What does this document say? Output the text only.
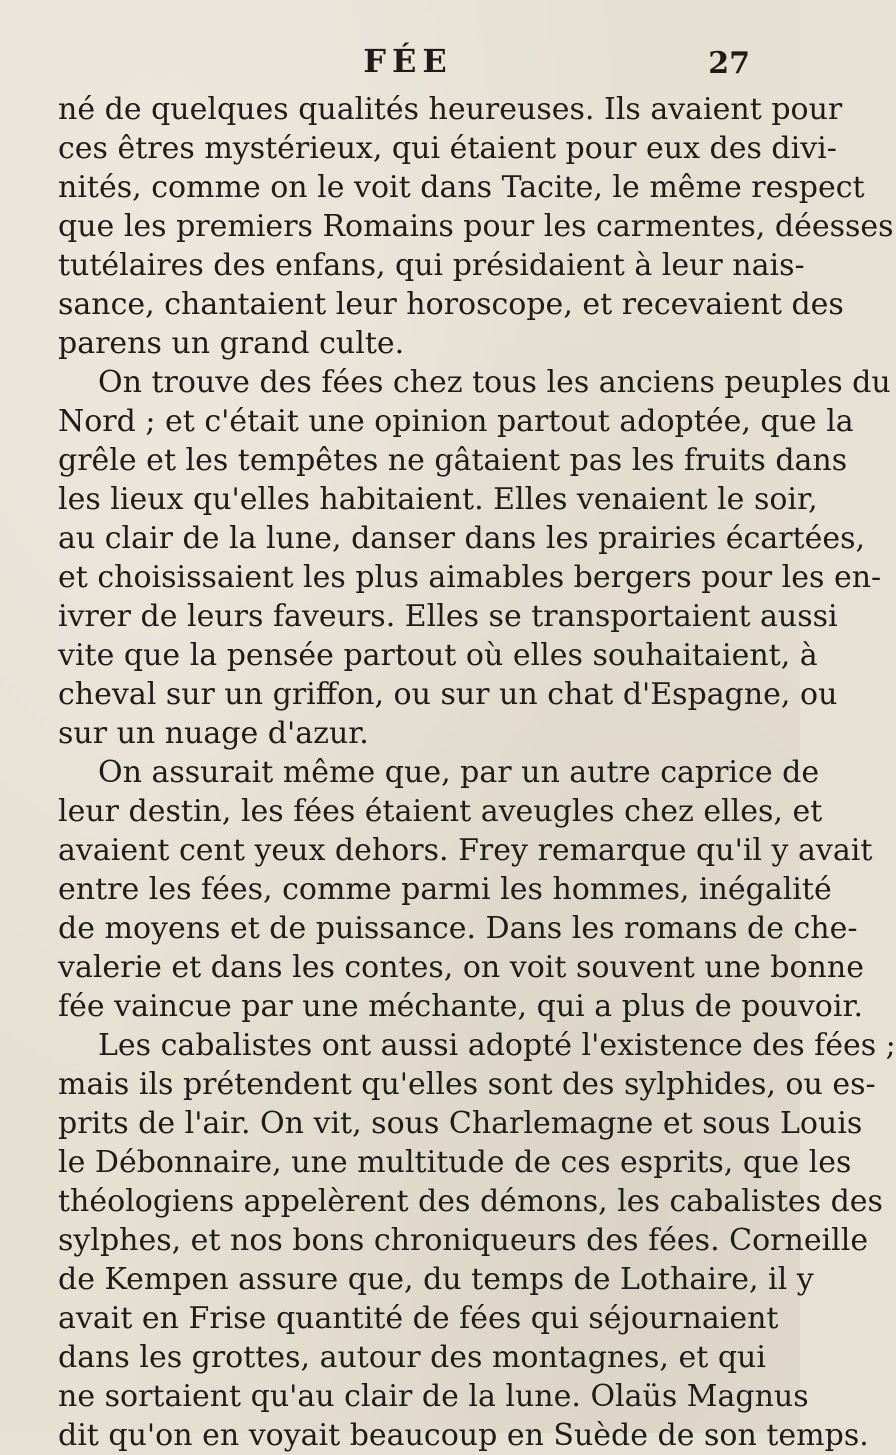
FÉE	27
né de quelques qualités heureuses. Ils avaient pour
ces êtres mystérieux, qui étaient pour eux des divi-
nités, comme on le voit dans Tacite, le même respect
que les premiers Romains pour les carmentes, déesses
tutélaires des enfans, qui présidaient à leur nais-
sance, chantaient leur horoscope, et recevaient des
parens un grand culte.
On trouve des fées chez tous les anciens peuples du
Nord ; et c'était une opinion partout adoptée, que la
grêle et les tempêtes ne gâtaient pas les fruits dans
les lieux qu'elles habitaient. Elles venaient le soir,
au clair de la lune, danser dans les prairies écartées,
et choisissaient les plus aimables bergers pour les en-
ivrer de leurs faveurs. Elles se transportaient aussi
vite que la pensée partout où elles souhaitaient, à
cheval sur un griffon, ou sur un chat d'Espagne, ou
sur un nuage d'azur.
On assurait même que, par un autre caprice de
leur destin, les fées étaient aveugles chez elles, et
avaient cent yeux dehors. Frey remarque qu'il y avait
entre les fées, comme parmi les hommes, inégalité
de moyens et de puissance. Dans les romans de che-
valerie et dans les contes, on voit souvent une bonne
fée vaincue par une méchante, qui a plus de pouvoir.
Les cabalistes ont aussi adopté l'existence des fées ;
mais ils prétendent qu'elles sont des sylphides, ou es-
prits de l'air. On vit, sous Charlemagne et sous Louis
le Débonnaire, une multitude de ces esprits, que les
théologiens appelèrent des démons, les cabalistes des
sylphes, et nos bons chroniqueurs des fées. Corneille
de Kempen assure que, du temps de Lothaire, il y
avait en Frise quantité de fées qui séjournaient
dans les grottes, autour des montagnes, et qui
ne sortaient qu'au clair de la lune. Olaüs Magnus
dit qu'on en voyait beaucoup en Suède de son temps.
